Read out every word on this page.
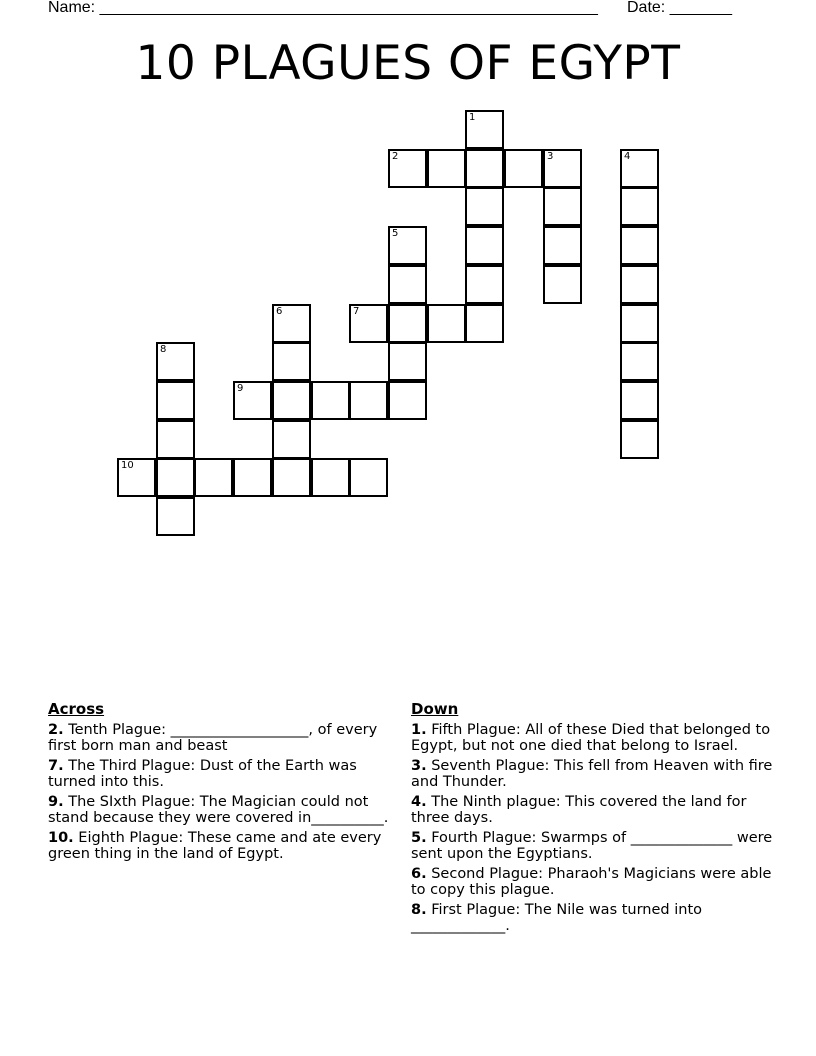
Name: ________________________________________________________ Date: _______
10 PLAGUES OF EGYPT
1
2	3	4
5
6	7
8
9
10
Across
2. Tenth Plague: ___________________, of every first born man and beast
7. The Third Plague: Dust of the Earth was turned into this.
9. The SIxth Plague: The Magician could not stand because they were covered in__________.
10. Eighth Plague: These came and ate every green thing in the land of Egypt.
Down
1. Fifth Plague: All of these Died that belonged to Egypt, but not one died that belong to Israel.
3. Seventh Plague: This fell from Heaven with fire and Thunder.
4. The Ninth plague: This covered the land for three days.
5. Fourth Plague: Swarmps of ______________ were sent upon the Egyptians.
6. Second Plague: Pharaoh's Magicians were able to copy this plague.
8. First Plague: The Nile was turned into _____________.
